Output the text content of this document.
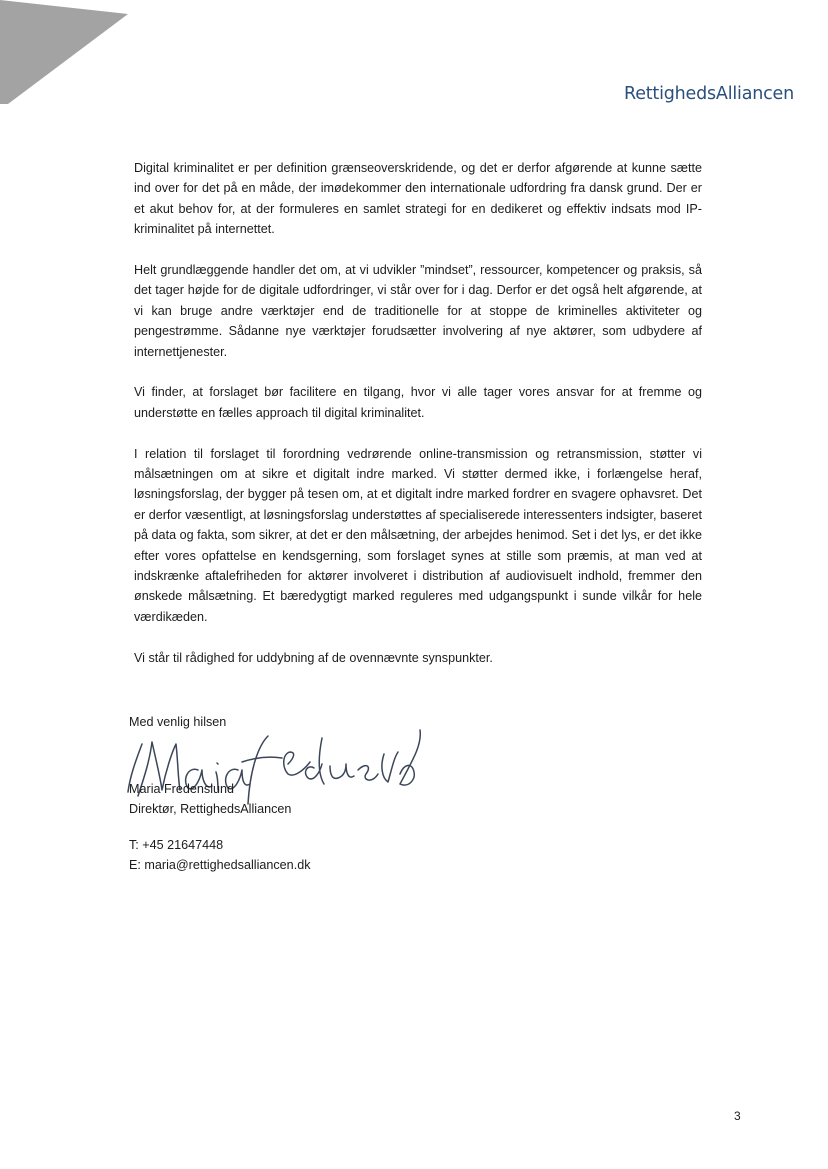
RettighedsAlliancen

Digital kriminalitet er per definition grænseoverskridende, og det er derfor afgørende at kunne sætte ind over for det på en måde, der imødekommer den internationale udfordring fra dansk grund. Der er et akut behov for, at der formuleres en samlet strategi for en dedikeret og effektiv indsats mod IP-kriminalitet på internettet.

Helt grundlæggende handler det om, at vi udvikler ”mindset”, ressourcer, kompetencer og praksis, så det tager højde for de digitale udfordringer, vi står over for i dag. Derfor er det også helt afgørende, at vi kan bruge andre værktøjer end de traditionelle for at stoppe de kriminelles aktiviteter og pengestrømme. Sådanne nye værktøjer forudsætter involvering af nye aktører, som udbydere af internettjenester.

Vi finder, at forslaget bør facilitere en tilgang, hvor vi alle tager vores ansvar for at fremme og understøtte en fælles approach til digital kriminalitet.

I relation til forslaget til forordning vedrørende online-transmission og retransmission, støtter vi målsætningen om at sikre et digitalt indre marked. Vi støtter dermed ikke, i forlængelse heraf, løsningsforslag, der bygger på tesen om, at et digitalt indre marked fordrer en svagere ophavsret. Det er derfor væsentligt, at løsningsforslag understøttes af specialiserede interessenters indsigter, baseret på data og fakta, som sikrer, at det er den målsætning, der arbejdes henimod. Set i det lys, er det ikke efter vores opfattelse en kendsgerning, som forslaget synes at stille som præmis, at man ved at indskrænke aftalefriheden for aktører involveret i distribution af audiovisuelt indhold, fremmer den ønskede målsætning. Et bæredygtigt marked reguleres med udgangspunkt i sunde vilkår for hele værdikæden.

Vi står til rådighed for uddybning af de ovennævnte synspunkter.

Med venlig hilsen
Maria Fredenslund
Direktør, RettighedsAlliancen
T: +45 21647448
E: maria@rettighedsalliancen.dk
3
